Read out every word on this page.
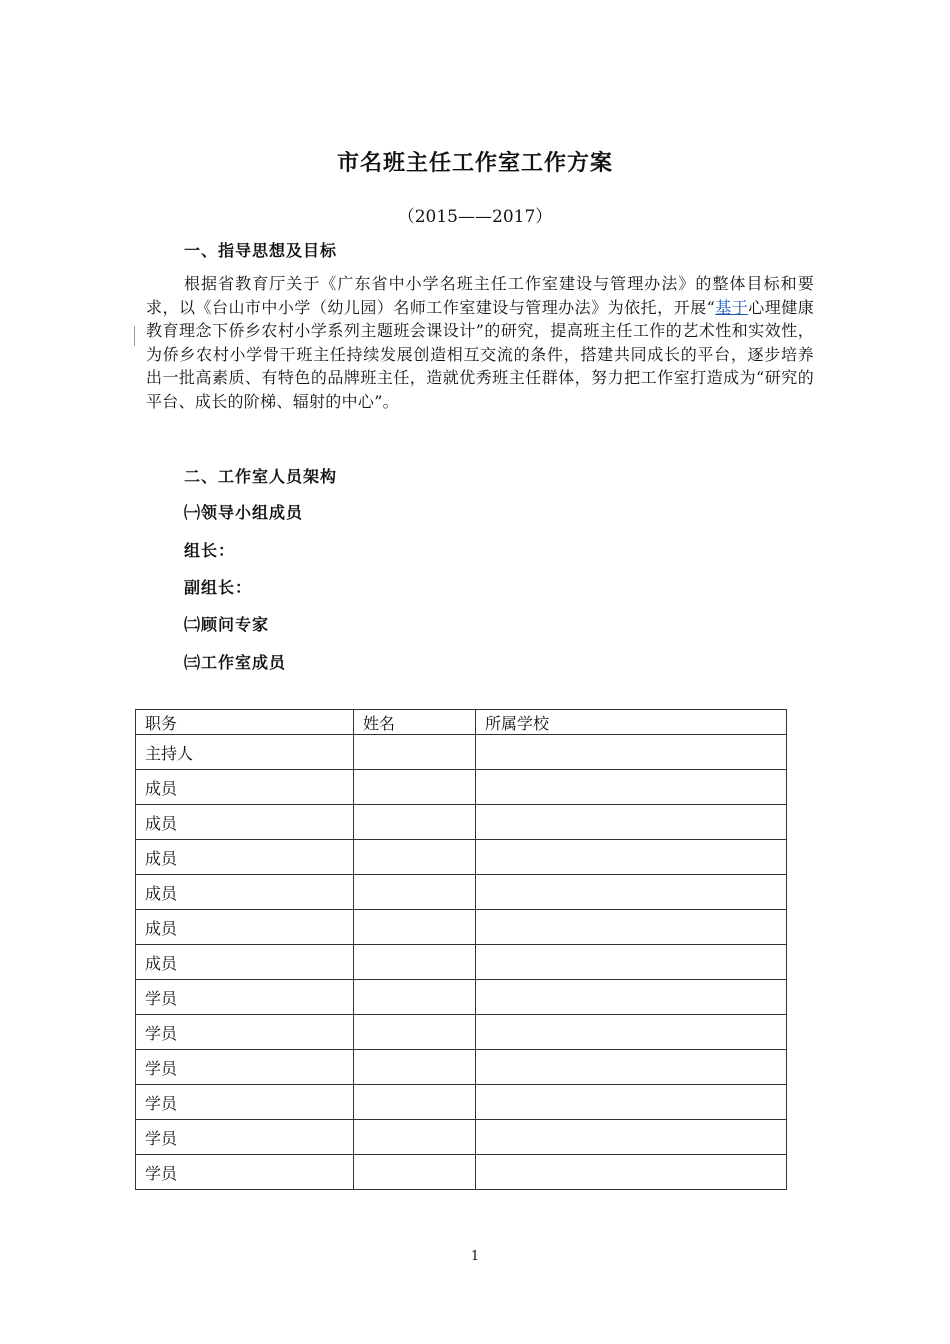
市名班主任工作室工作方案
（2015——2017）
一、指导思想及目标
根据省教育厅关于《广东省中小学名班主任工作室建设与管理办法》的整体目标和要求，以《台山市中小学（幼儿园）名师工作室建设与管理办法》为依托，开展“基于心理健康教育理念下侨乡农村小学系列主题班会课设计”的研究，提高班主任工作的艺术性和实效性，为侨乡农村小学骨干班主任持续发展创造相互交流的条件，搭建共同成长的平台，逐步培养出一批高素质、有特色的品牌班主任，造就优秀班主任群体，努力把工作室打造成为“研究的平台、成长的阶梯、辐射的中心”。
二、工作室人员架构
㈠领导小组成员
组长：
副组长：
㈡顾问专家
㈢工作室成员
职务	姓名	所属学校
主持人		
成员		
成员		
成员		
成员		
成员		
成员		
学员		
学员		
学员		
学员		
学员		
学员		
1
